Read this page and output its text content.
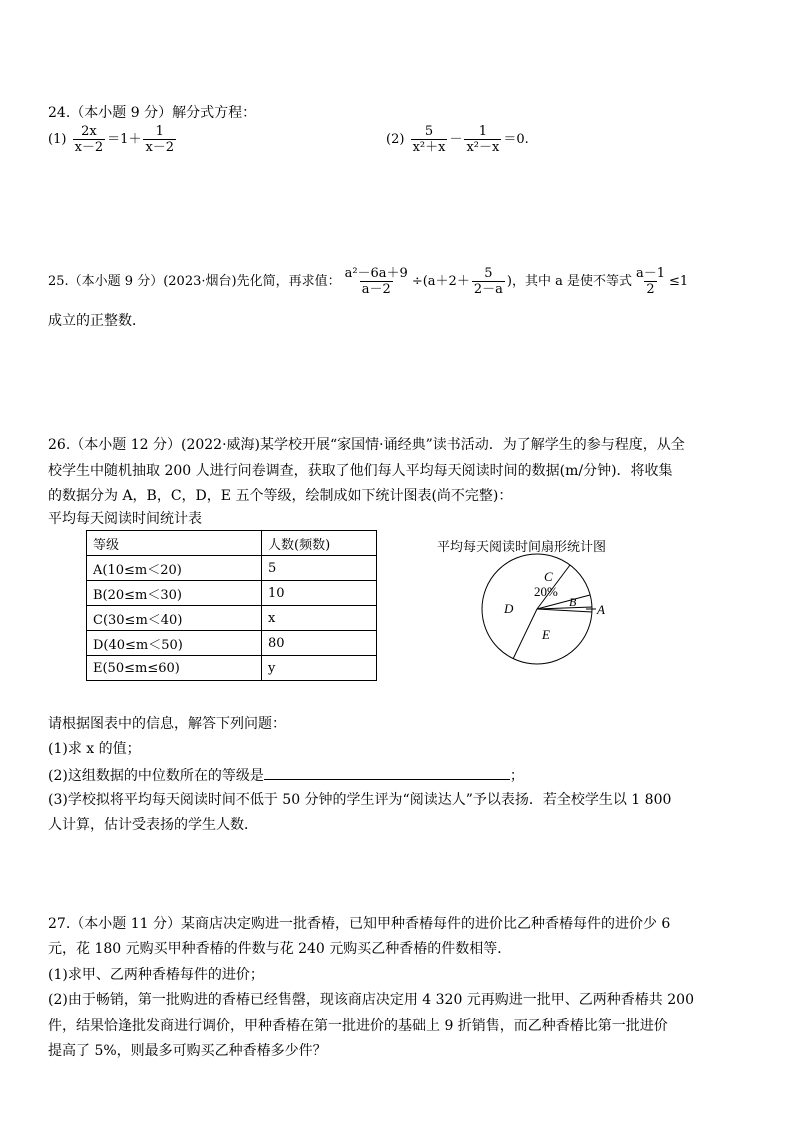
24.（本小题 9 分）解分式方程：
$(1) \frac{2x}{x-2} =1+ \frac{1}{x-2}$	$(2) \frac{5}{\text{x²＋x}} - \frac{1}{\text{x²－x}} =0$.
25.（本小题 9 分）(2023·烟台)先化简，再求值： $\frac{\text{a²－6a＋9}}{a-2} \div(a+2+ \frac{5}{2-a}$ )，其中 a 是使不等式 $\frac{a-1}{2} \le 1$
成立的正整数．
26.（本小题 12 分）(2022·威海)某学校开展“家国情·诵经典”读书活动．为了解学生的参与程度，从全
校学生中随机抽取 200 人进行问卷调查，获取了他们每人平均每天阅读时间的数据(m/分钟)．将收集
的数据分为 A，B，C，D，E 五个等级，绘制成如下统计图表(尚不完整)：
平均每天阅读时间统计表
等级	人数(频数)
A(10≤m＜20)	5
B(20≤m＜30)	10
C(30≤m＜40)	x
D(40≤m＜50)	80
E(50≤m≤60)	y
平均每天阅读时间扇形统计图
C
20%
B A
D
E
请根据图表中的信息，解答下列问题：
(1)求 x 的值；
(2)这组数据的中位数所在的等级是	；
(3)学校拟将平均每天阅读时间不低于 50 分钟的学生评为“阅读达人”予以表扬．若全校学生以 1 800
人计算，估计受表扬的学生人数．
27.（本小题 11 分）某商店决定购进一批香椿，已知甲种香椿每件的进价比乙种香椿每件的进价少 6
元，花 180 元购买甲种香椿的件数与花 240 元购买乙种香椿的件数相等．
(1)求甲、乙两种香椿每件的进价；
(2)由于畅销，第一批购进的香椿已经售罄，现该商店决定用 4 320 元再购进一批甲、乙两种香椿共 200
件，结果恰逢批发商进行调价，甲种香椿在第一批进价的基础上 9 折销售，而乙种香椿比第一批进价
提高了 5%，则最多可购买乙种香椿多少件？
